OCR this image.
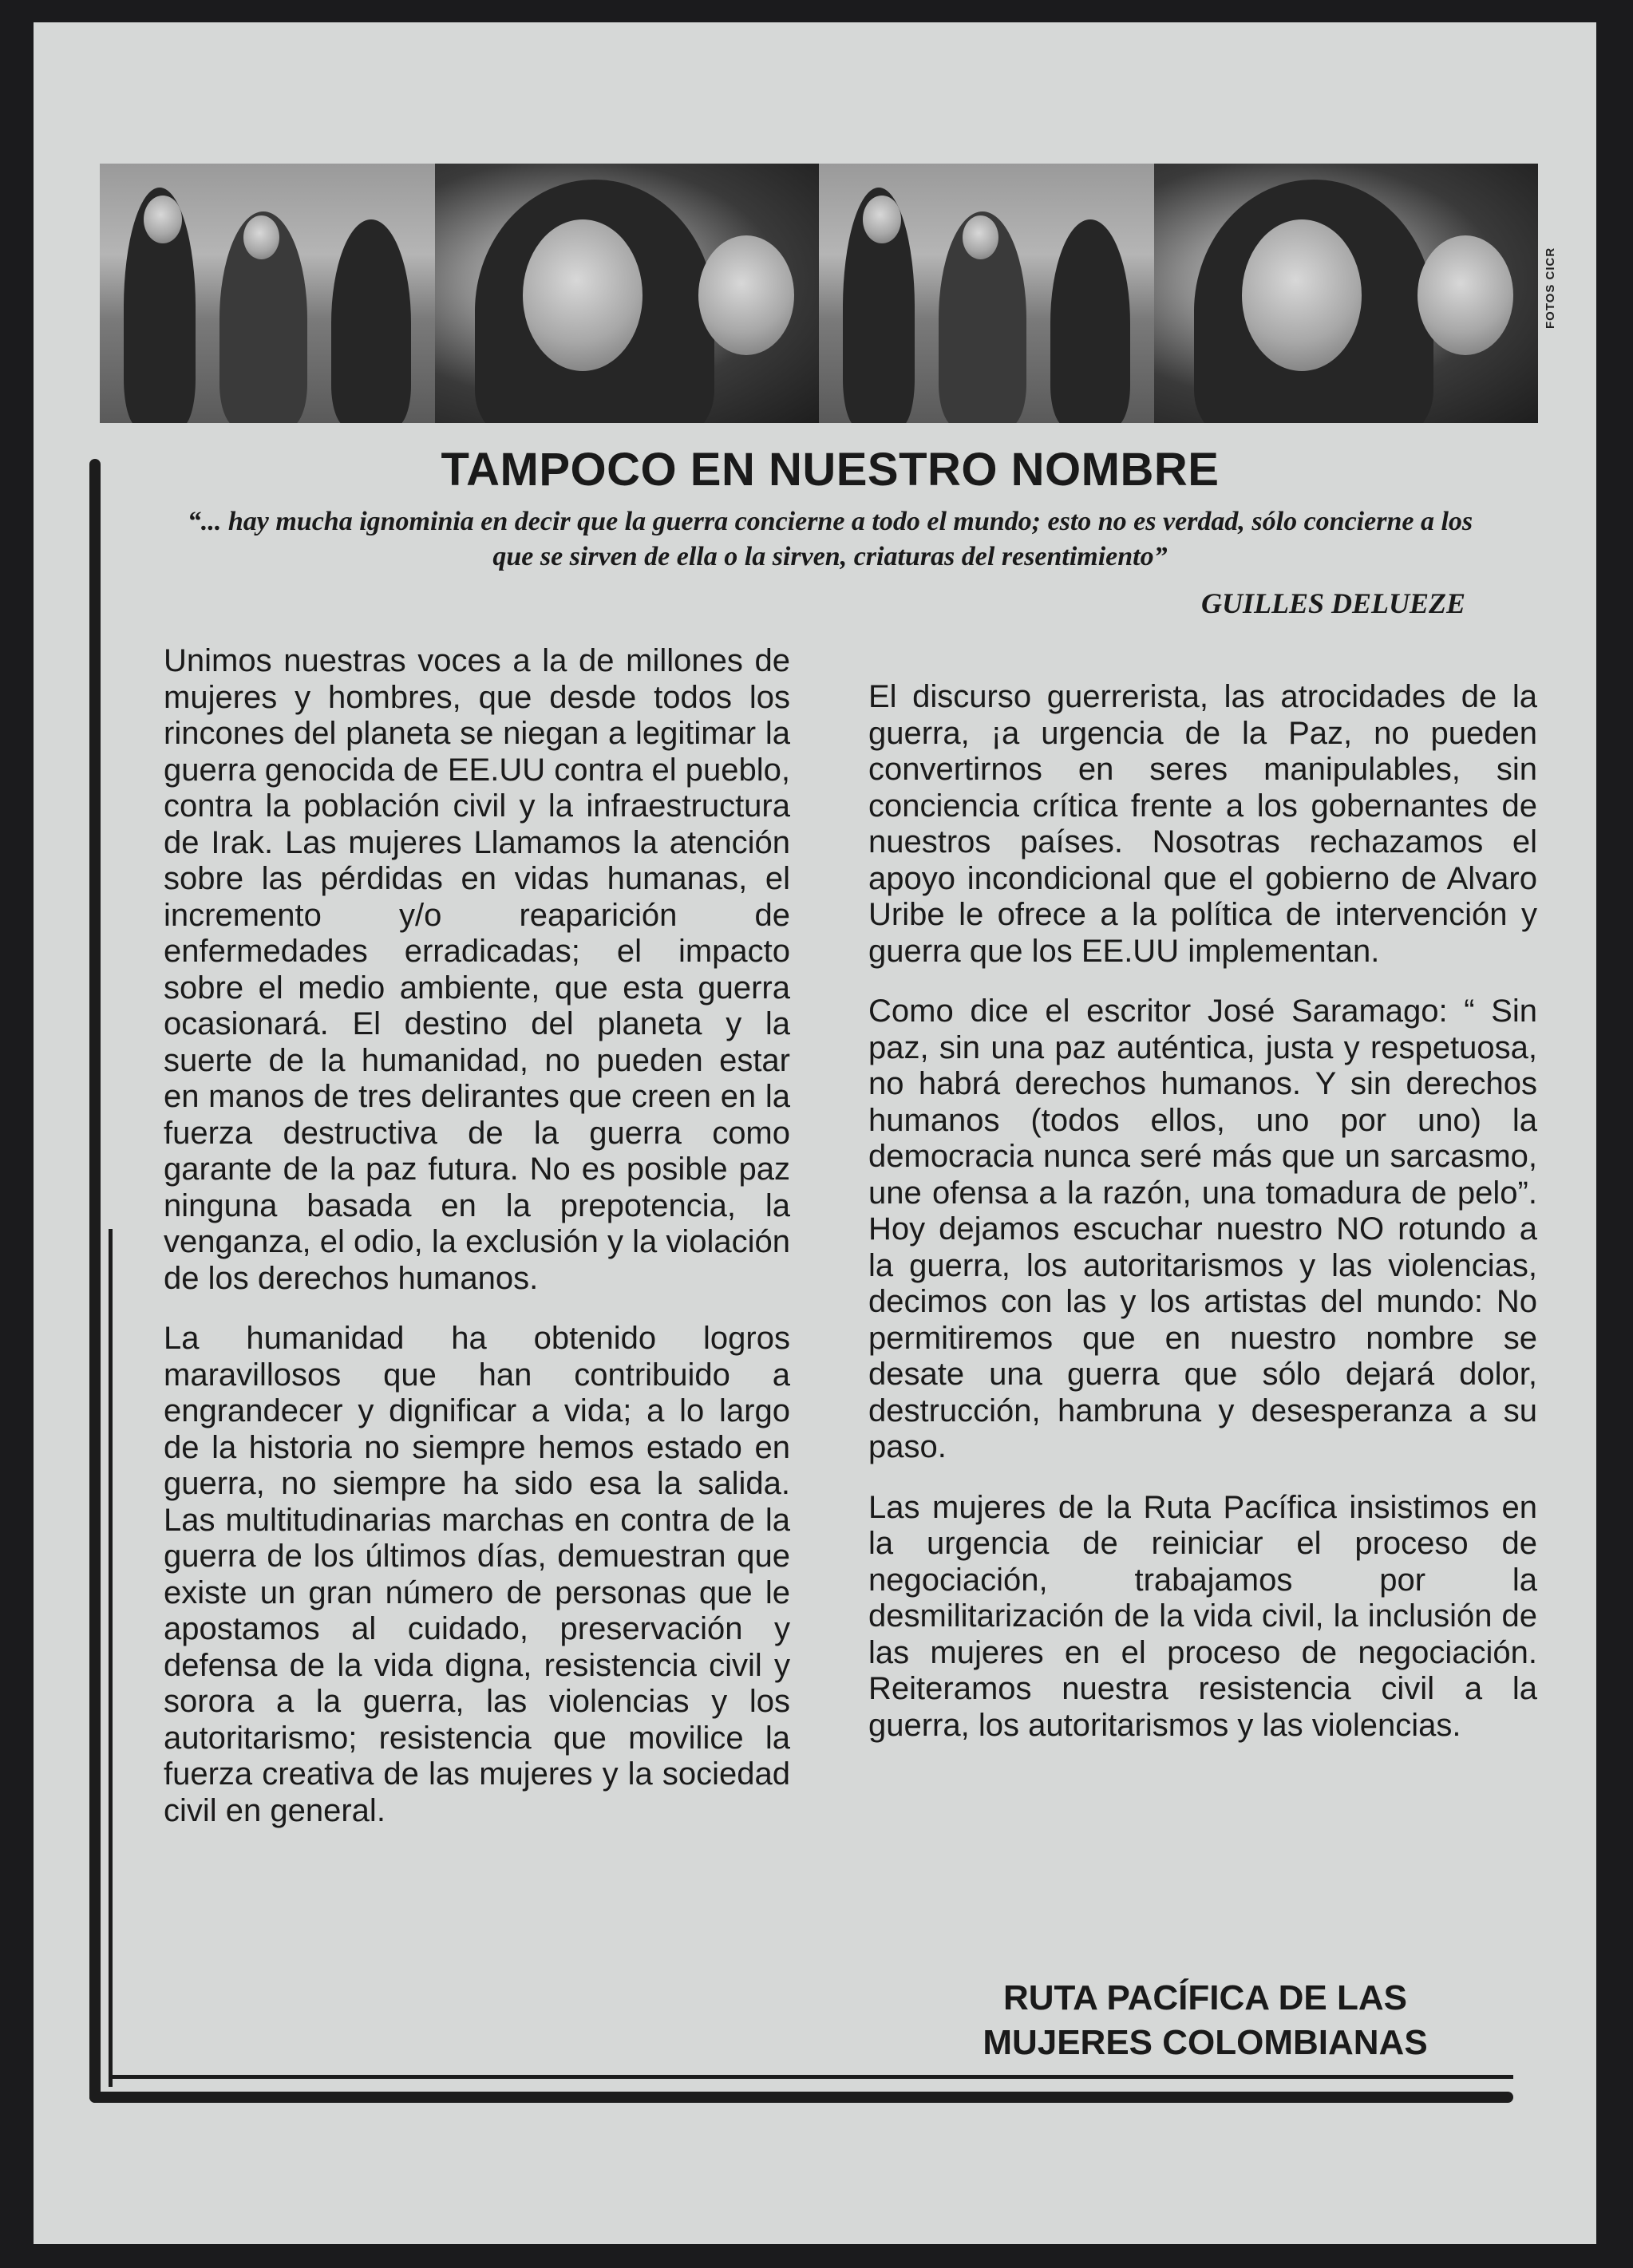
FOTOS CICR
TAMPOCO EN NUESTRO NOMBRE

“... hay mucha ignominia en decir que la guerra concierne a todo el mundo; esto no es verdad, sólo concierne a los que se sirven de ella o la sirven, criaturas del resentimiento”

GUILLES DELUEZE

Unimos nuestras voces a la de millones de mujeres y hombres, que desde todos los rincones del planeta se niegan a legitimar la guerra genocida de EE.UU contra el pueblo, contra la población civil y la infraestructura de Irak. Las mujeres Llamamos la atención sobre las pérdidas en vidas humanas, el incremento y/o reaparición de enfermedades erradicadas; el impacto sobre el medio ambiente, que esta guerra ocasionará. El destino del planeta y la suerte de la humanidad, no pueden estar en manos de tres delirantes que creen en la fuerza destructiva de la guerra como garante de la paz futura. No es posible paz ninguna basada en la prepotencia, la venganza, el odio, la exclusión y la violación de los derechos humanos.

La humanidad ha obtenido logros maravillosos que han contribuido a engrandecer y dignificar a vida; a lo largo de la historia no siempre hemos estado en guerra, no siempre ha sido esa la salida. Las multitudinarias marchas en contra de la guerra de los últimos días, demuestran que existe un gran número de personas que le apostamos al cuidado, preservación y defensa de la vida digna, resistencia civil y sorora a la guerra, las violencias y los autoritarismo; resistencia que movilice la fuerza creativa de las mujeres y la sociedad civil en general.

El discurso guerrerista, las atrocidades de la guerra, ¡a urgencia de la Paz, no pueden convertirnos en seres manipulables, sin conciencia crítica frente a los gobernantes de nuestros países. Nosotras rechazamos el apoyo incondicional que el gobierno de Alvaro Uribe le ofrece a la política de intervención y guerra que los EE.UU implementan.

Como dice el escritor José Saramago: “ Sin paz, sin una paz auténtica, justa y respetuosa, no habrá derechos humanos. Y sin derechos humanos (todos ellos, uno por uno) la democracia nunca seré más que un sarcasmo, une ofensa a la razón, una tomadura de pelo”. Hoy dejamos escuchar nuestro NO rotundo a la guerra, los autoritarismos y las violencias, decimos con las y los artistas del mundo: No permitiremos que en nuestro nombre se desate una guerra que sólo dejará dolor, destrucción, hambruna y desesperanza a su paso.

Las mujeres de la Ruta Pacífica insistimos en la urgencia de reiniciar el proceso de negociación, trabajamos por la desmilitarización de la vida civil, la inclusión de las mujeres en el proceso de negociación. Reiteramos nuestra resistencia civil a la guerra, los autoritarismos y las violencias.

RUTA PACÍFICA DE LAS
MUJERES COLOMBIANAS
